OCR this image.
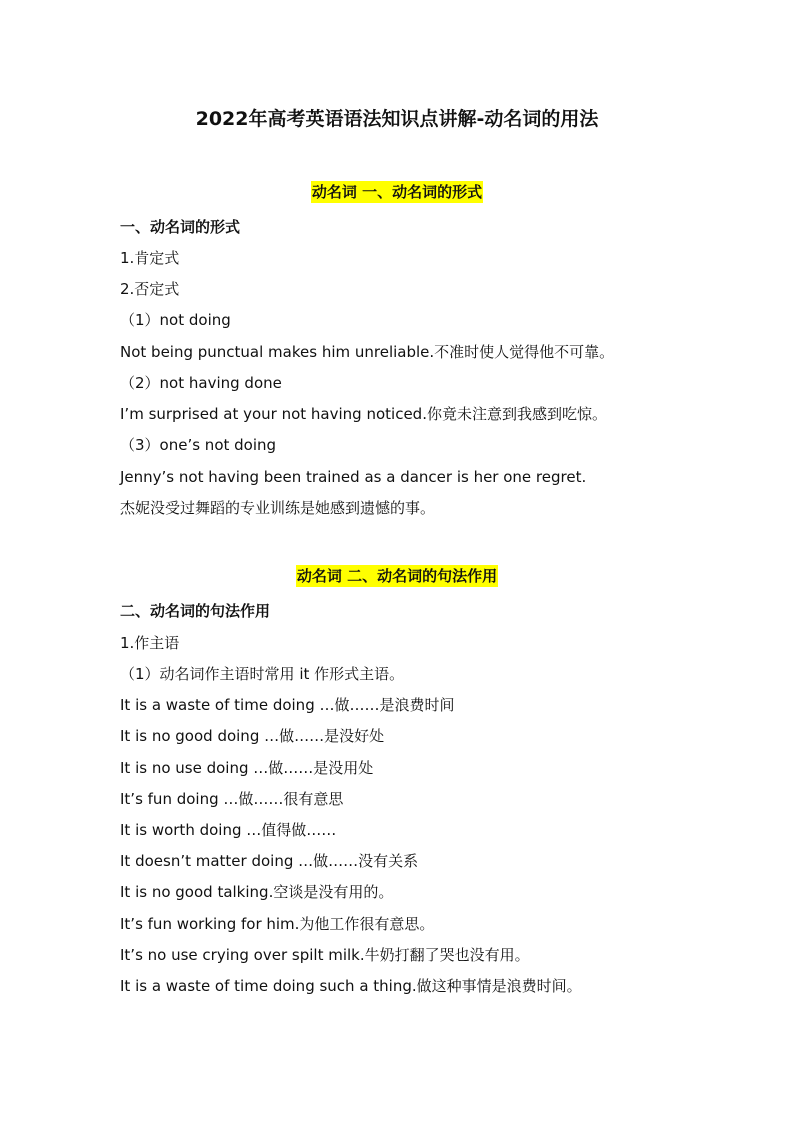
2022年高考英语语法知识点讲解-动名词的用法
动名词 一、动名词的形式
一、动名词的形式
1.肯定式
2.否定式
（1）not doing
Not being punctual makes him unreliable.不准时使人觉得他不可靠。
（2）not having done
I’m surprised at your not having noticed.你竟未注意到我感到吃惊。
（3）one’s not doing
Jenny’s not having been trained as a dancer is her one regret.
杰妮没受过舞蹈的专业训练是她感到遗憾的事。
动名词 二、动名词的句法作用
二、动名词的句法作用
1.作主语
（1）动名词作主语时常用 it 作形式主语。
It is a waste of time doing …做……是浪费时间
It is no good doing …做……是没好处
It is no use doing …做……是没用处
It’s fun doing …做……很有意思
It is worth doing …值得做……
It doesn’t matter doing …做……没有关系
It is no good talking.空谈是没有用的。
It’s fun working for him.为他工作很有意思。
It’s no use crying over spilt milk.牛奶打翻了哭也没有用。
It is a waste of time doing such a thing.做这种事情是浪费时间。
